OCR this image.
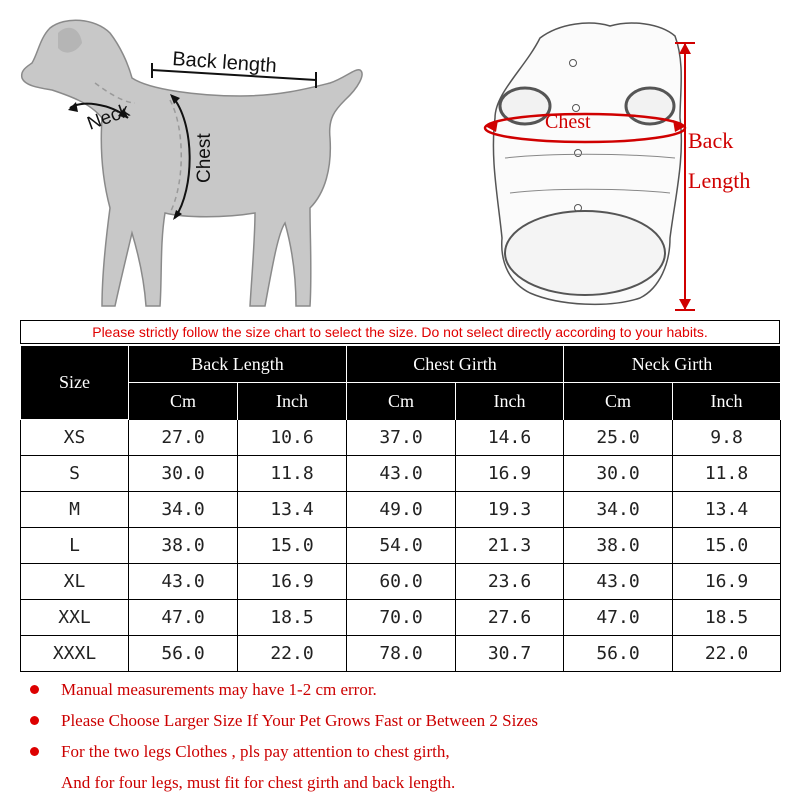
Back length
Neck
Chest
Chest
Back
Length
Please strictly follow the size chart to select the size. Do not select directly according to your habits.
Size	Back Length		Chest Girth		Neck Girth	
	Cm	Inch	Cm	Inch	Cm	Inch
XS	27.0	10.6	37.0	14.6	25.0	9.8
S	30.0	11.8	43.0	16.9	30.0	11.8
M	34.0	13.4	49.0	19.3	34.0	13.4
L	38.0	15.0	54.0	21.3	38.0	15.0
XL	43.0	16.9	60.0	23.6	43.0	16.9
XXL	47.0	18.5	70.0	27.6	47.0	18.5
XXXL	56.0	22.0	78.0	30.7	56.0	22.0
Manual measurements may have 1-2 cm error.
Please Choose Larger Size If Your Pet Grows Fast or Between 2 Sizes
For the two legs Clothes , pls pay attention to chest girth,
And for four legs, must fit for chest girth and back length.
